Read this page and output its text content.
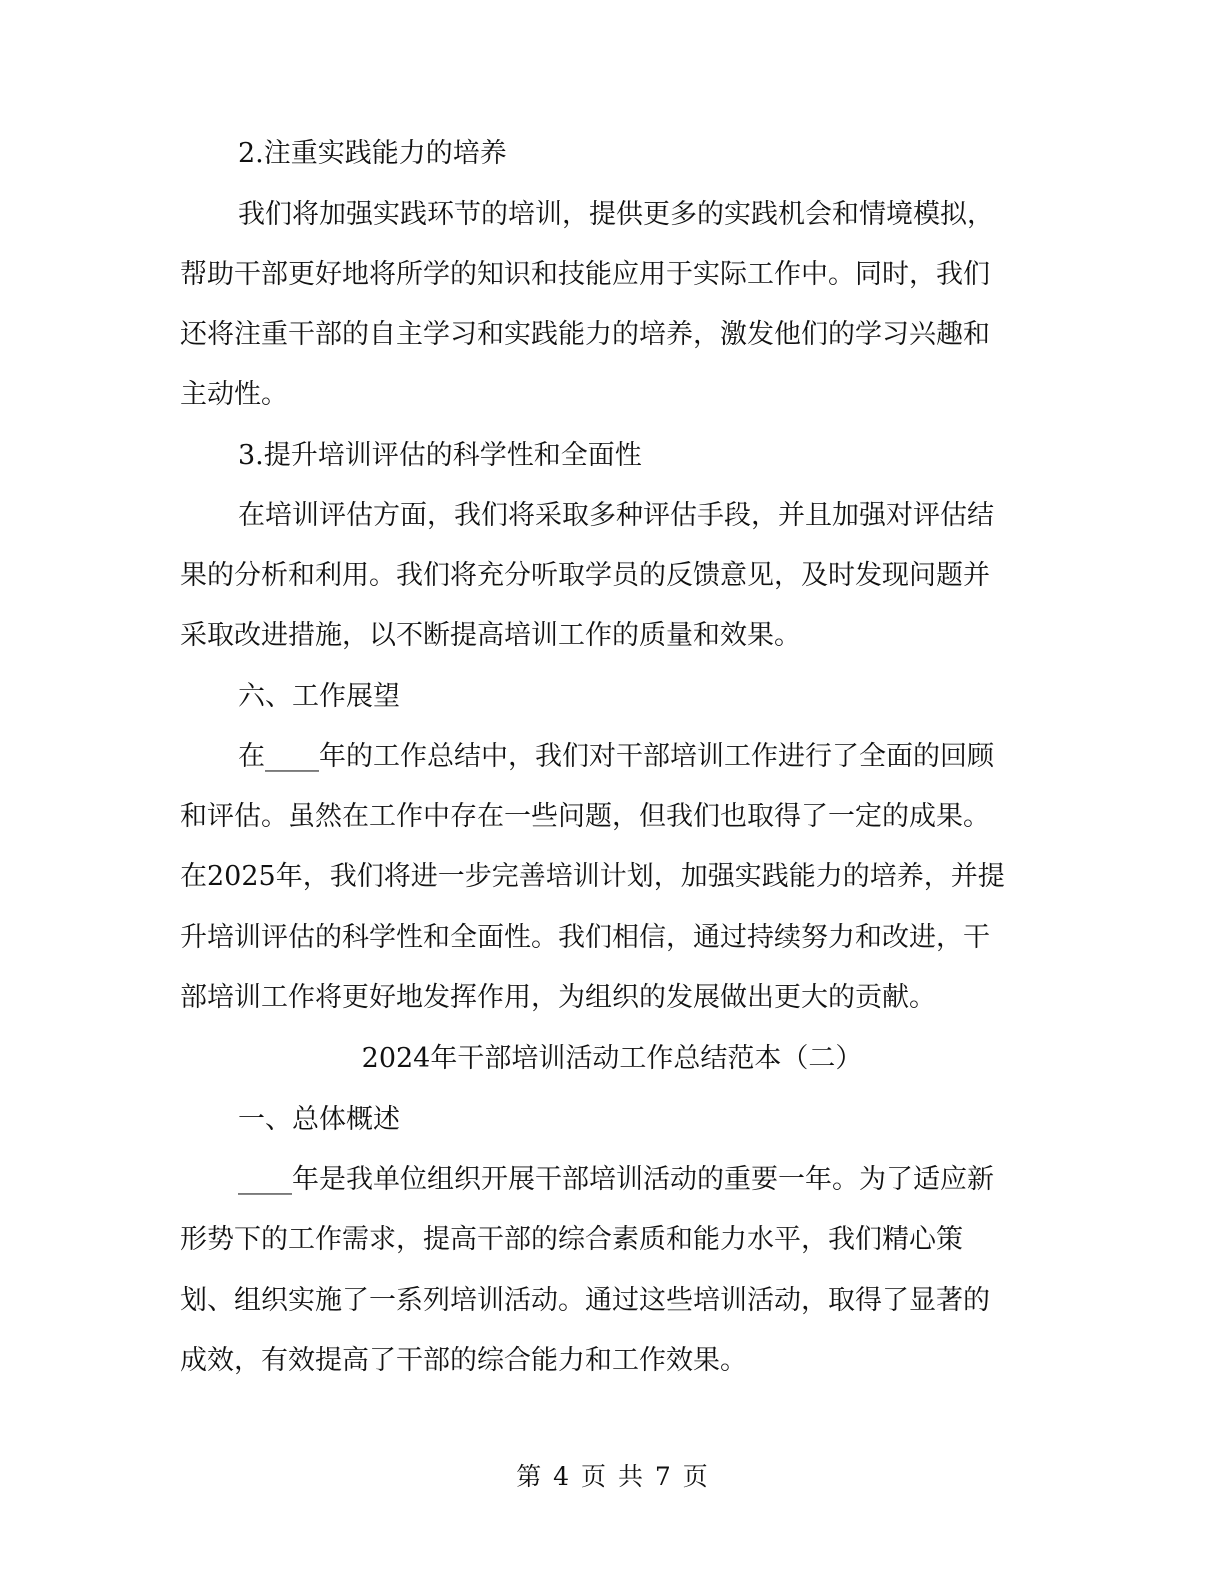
2.注重实践能力的培养
我们将加强实践环节的培训，提供更多的实践机会和情境模拟，
帮助干部更好地将所学的知识和技能应用于实际工作中。同时，我们
还将注重干部的自主学习和实践能力的培养，激发他们的学习兴趣和
主动性。
3.提升培训评估的科学性和全面性
在培训评估方面，我们将采取多种评估手段，并且加强对评估结
果的分析和利用。我们将充分听取学员的反馈意见，及时发现问题并
采取改进措施，以不断提高培训工作的质量和效果。
六、工作展望
在____年的工作总结中，我们对干部培训工作进行了全面的回顾
和评估。虽然在工作中存在一些问题，但我们也取得了一定的成果。
在2025年，我们将进一步完善培训计划，加强实践能力的培养，并提
升培训评估的科学性和全面性。我们相信，通过持续努力和改进，干
部培训工作将更好地发挥作用，为组织的发展做出更大的贡献。
2024年干部培训活动工作总结范本（二）
一、总体概述
____年是我单位组织开展干部培训活动的重要一年。为了适应新
形势下的工作需求，提高干部的综合素质和能力水平，我们精心策
划、组织实施了一系列培训活动。通过这些培训活动，取得了显著的
成效，有效提高了干部的综合能力和工作效果。
第 4 页 共 7 页
